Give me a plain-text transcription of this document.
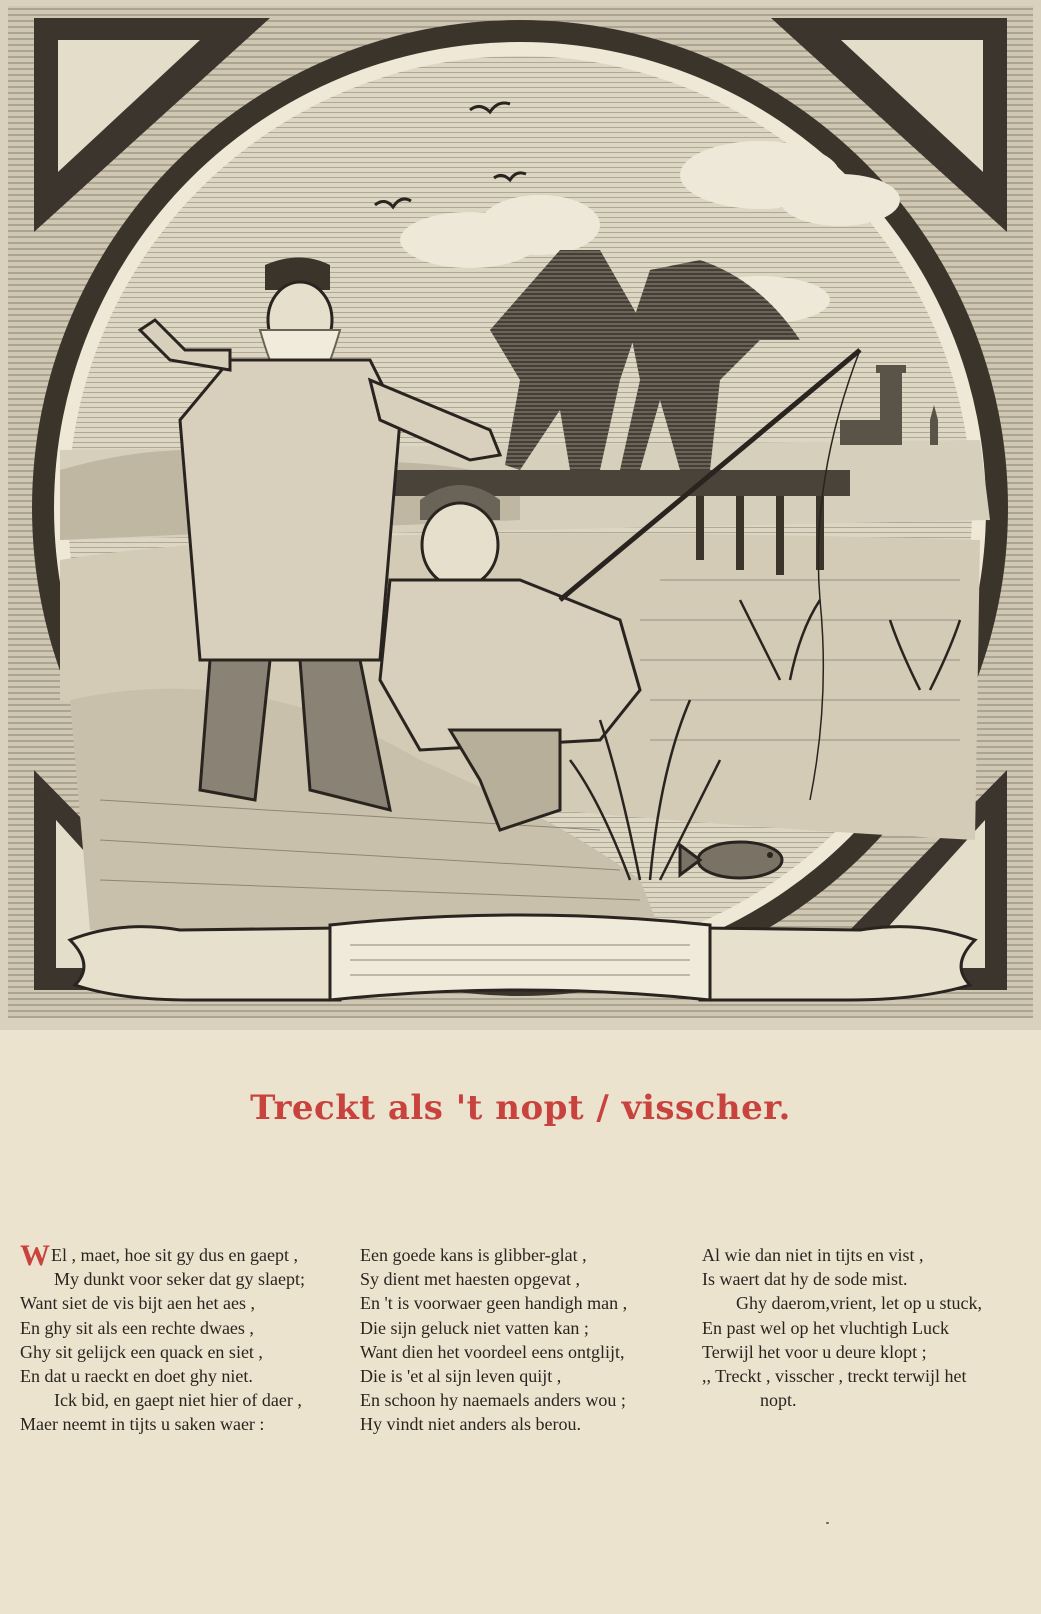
Treckt als 't nopt / visscher.
WEl , maet, hoe sit gy dus en gaept ,
My dunkt voor seker dat gy slaept;
Want siet de vis bijt aen het aes ,
En ghy sit als een rechte dwaes ,
Ghy sit gelijck een quack en siet ,
En dat u raeckt en doet ghy niet.
Ick bid, en gaept niet hier of daer ,
Maer neemt in tijts u saken waer :
Een goede kans is glibber-glat ,
Sy dient met haesten opgevat ,
En 't is voorwaer geen handigh man ,
Die sijn geluck niet vatten kan ;
Want dien het voordeel eens ontglijt,
Die is 'et al sijn leven quijt ,
En schoon hy naemaels anders wou ;
Hy vindt niet anders als berou.
Al wie dan niet in tijts en vist ,
Is waert dat hy de sode mist.
Ghy daerom,vrient, let op u stuck,
En past wel op het vluchtigh Luck
Terwijl het voor u deure klopt ;
,, Treckt , visscher , treckt terwijl het
nopt.
